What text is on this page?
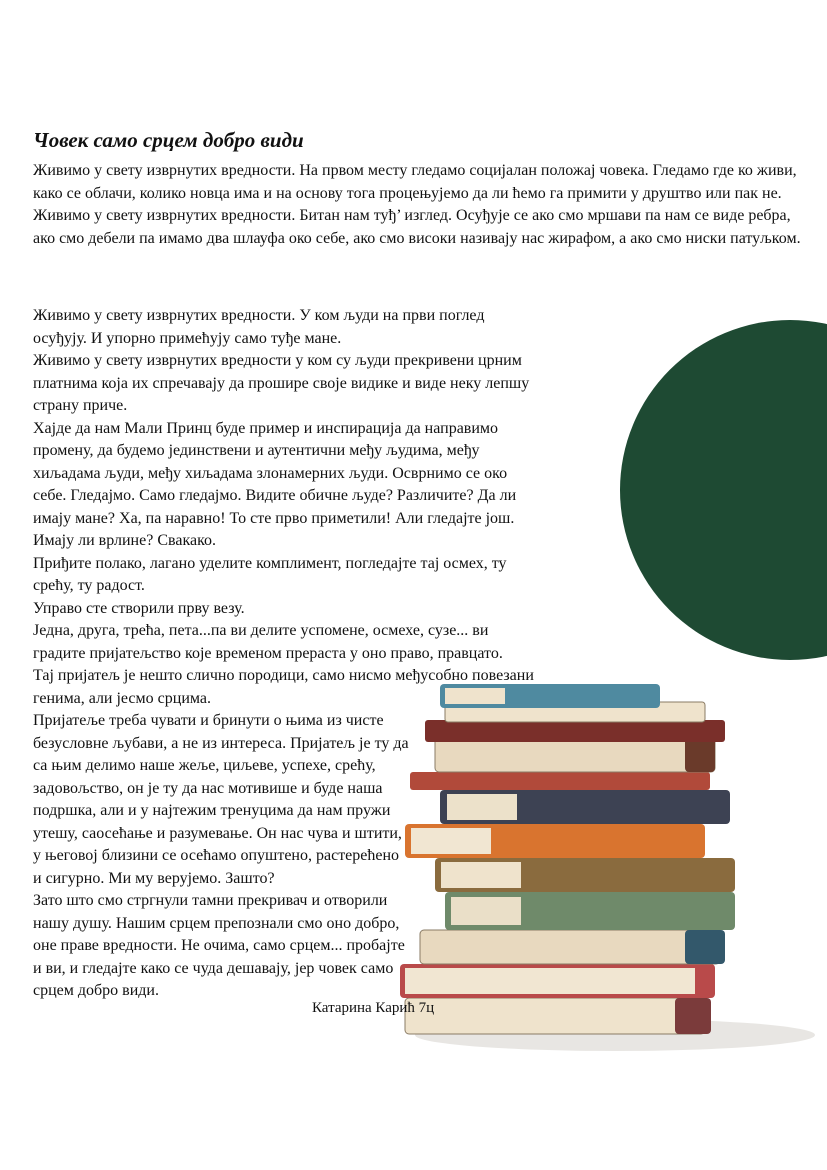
Човек само срцем добро види

Живимо у свету изврнутих вредности. На првом месту гледамо социјалан положај човека. Гледамо где ко живи, како се облачи, колико новца има и на основу тога процењујемо да ли ћемо га примити у друштво или пак не.

Живимо у свету изврнутих вредности. Битан нам туђ’ изглед. Осуђује се ако смо мршави па нам се виде ребра, ако смо дебели па имамо два шлауфа око себе, ако смо високи називају нас жирафом, а ако смо ниски патуљком.

Живимо у свету изврнутих вредности. У ком људи на први поглед
осуђују. И упорно примећују само туђе мане.
Живимо у свету изврнутих вредности у ком су људи прекривени црним
платнима која их спречавају да прошире своје видике и виде неку лепшу
страну приче.
Хајде да нам Мали Принц буде пример и инспирација да направимо
промену, да будемо јединствени и аутентични међу људима, међу
хиљадама људи, међу хиљадама злонамерних људи. Осврнимо се око
себе. Гледајмо. Само гледајмо. Видите обичне људе? Различите? Да ли
имају мане? Ха, па наравно! То сте прво приметили! Али гледајте још.
Имају ли врлине? Свакако.
Приђите полако, лагано уделите комплимент, погледајте тај осмех, ту
срећу, ту радост.
Управо сте створили прву везу.
Једна, друга, трећа, пета...па ви делите успомене, осмехе, сузе... ви
градите пријатељство које временом прераста у оно право, правцато.
Тај пријатељ је нешто слично породици, само нисмо међусобно повезани
генима, али јесмо срцима.
Пријатеље треба чувати и бринути о њима из чисте
безусловне љубави, а не из интереса. Пријатељ је ту да
са њим делимо наше жеље, циљеве, успехе, срећу,
задовољство, он је ту да нас мотивише и буде наша
подршка, али и у најтежим тренуцима да нам пружи
утешу, саосећање и разумевање. Он нас чува и штити,
у његовој близини се осећамо опуштено, растерећено
и сигурно. Ми му верујемо. Зашто?
Зато што смо стргнули тамни прекривач и отворили
нашу душу. Нашим срцем препознали смо оно добро,
оне праве вредности. Не очима, само срцем... пробајте
и ви, и гледајте како се чуда дешавају, јер човек само
срцем добро види.
Катарина Карић 7ц
